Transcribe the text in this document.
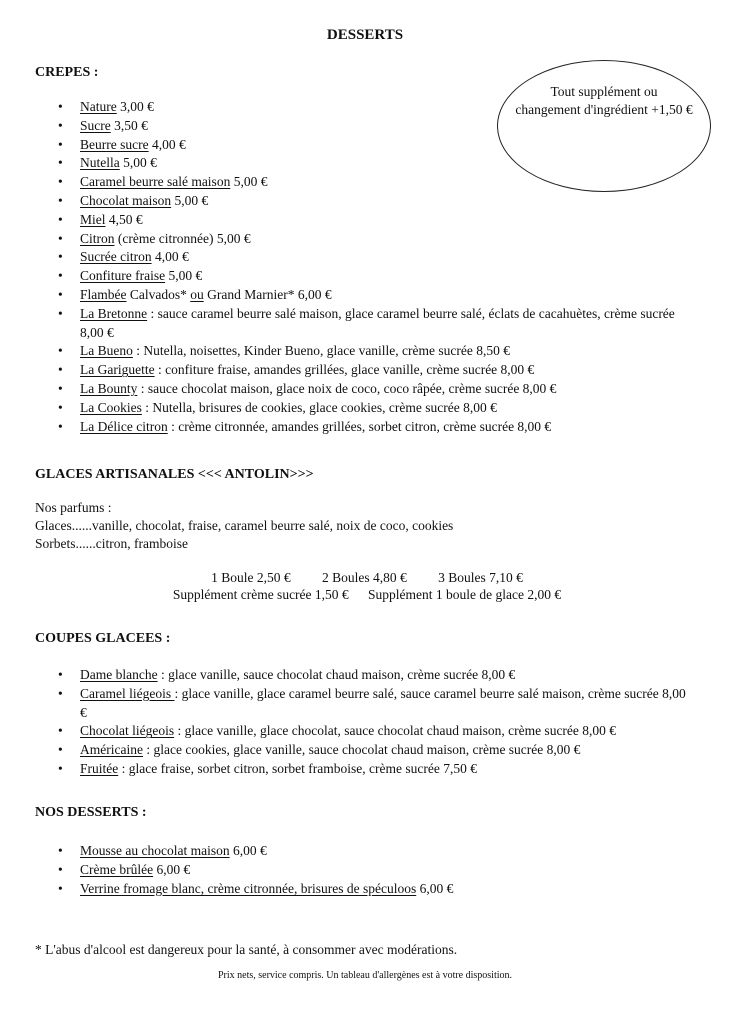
DESSERTS
CREPES :
Tout supplément ou
changement d'ingrédient +1,50 €
• Nature 3,00 €
• Sucre 3,50 €
• Beurre sucre 4,00 €
• Nutella 5,00 €
• Caramel beurre salé maison 5,00 €
• Chocolat maison 5,00 €
• Miel 4,50 €
• Citron (crème citronnée) 5,00 €
• Sucrée citron 4,00 €
• Confiture fraise 5,00 €
• Flambée Calvados* ou Grand Marnier* 6,00 €
• La Bretonne : sauce caramel beurre salé maison, glace caramel beurre salé, éclats de cacahuètes, crème sucrée 8,00 €
• La Bueno : Nutella, noisettes, Kinder Bueno, glace vanille, crème sucrée 8,50 €
• La Gariguette : confiture fraise, amandes grillées, glace vanille, crème sucrée 8,00 €
• La Bounty : sauce chocolat maison, glace noix de coco, coco râpée, crème sucrée 8,00 €
• La Cookies : Nutella, brisures de cookies, glace cookies, crème sucrée 8,00 €
• La Délice citron : crème citronnée, amandes grillées, sorbet citron, crème sucrée 8,00 €
GLACES ARTISANALES <<< ANTOLIN>>>
Nos parfums :
Glaces......vanille, chocolat, fraise, caramel beurre salé, noix de coco, cookies
Sorbets......citron, framboise
1 Boule 2,50 € 2 Boules 4,80 € 3 Boules 7,10 €
Supplément crème sucrée 1,50 € Supplément 1 boule de glace 2,00 €
COUPES GLACEES :
• Dame blanche : glace vanille, sauce chocolat chaud maison, crème sucrée 8,00 €
• Caramel liégeois : glace vanille, glace caramel beurre salé, sauce caramel beurre salé maison, crème sucrée 8,00 €
• Chocolat liégeois : glace vanille, glace chocolat, sauce chocolat chaud maison, crème sucrée 8,00 €
• Américaine : glace cookies, glace vanille, sauce chocolat chaud maison, crème sucrée 8,00 €
• Fruitée : glace fraise, sorbet citron, sorbet framboise, crème sucrée 7,50 €
NOS DESSERTS :
• Mousse au chocolat maison 6,00 €
• Crème brûlée 6,00 €
• Verrine fromage blanc, crème citronnée, brisures de spéculoos 6,00 €
* L'abus d'alcool est dangereux pour la santé, à consommer avec modérations.
Prix nets, service compris. Un tableau d'allergènes est à votre disposition.
